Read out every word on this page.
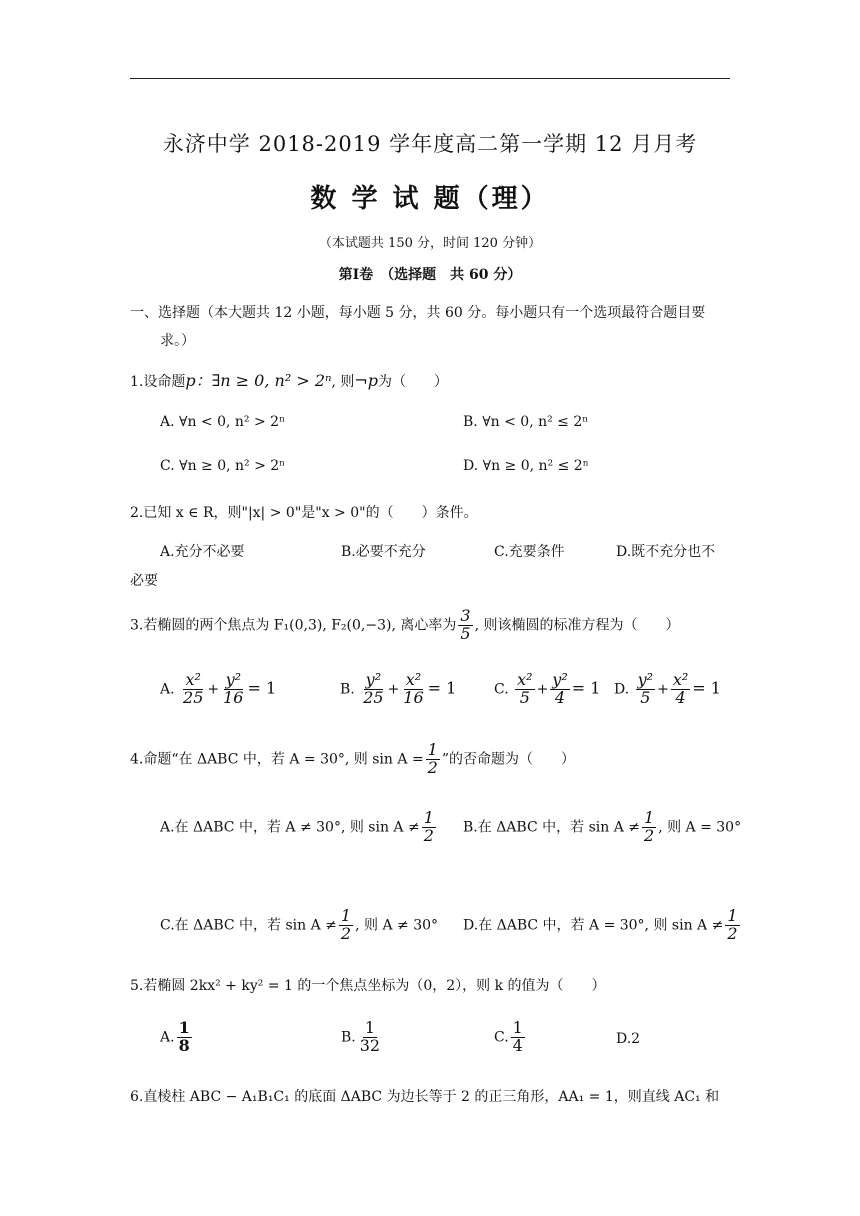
永济中学 2018-2019 学年度高二第一学期 12 月月考
数 学 试 题（理）
（本试题共 150 分，时间 120 分钟）
第Ⅰ卷　（选择题　共 60 分）
一、选择题（本大题共 12 小题，每小题 5 分，共 60 分。每小题只有一个选项最符合题目要
求。）
1.设命题p：∃n ≥ 0, n² > 2ⁿ, 则¬p为（　　）
A. ∀n < 0, n² > 2ⁿ	B. ∀n < 0, n² ≤ 2ⁿ
C. ∀n ≥ 0, n² > 2ⁿ	D. ∀n ≥ 0, n² ≤ 2ⁿ
2.已知 x ∈ R，则"|x| > 0"是"x > 0"的（　　）条件。
A.充分不必要	B.必要不充分	C.充要条件	D.既不充分也不
必要
3.若椭圆的两个焦点为 F₁(0,3), F₂(0,−3), 离心率为 $\frac{3}{5}$ , 则该椭圆的标准方程为（　　）
A. $\frac{\text{x²}}{25} + \frac{\text{y²}}{16} = 1$	B. $\frac{\text{y²}}{25} + \frac{\text{x²}}{16} = 1$	C. $\frac{\text{x²}}{5} + \frac{\text{y²}}{4} = 1$ D. $\frac{\text{y²}}{5} + \frac{\text{x²}}{4} = 1$
4.命题“在 ΔABC 中，若 A = 30°, 则 $\sin A = \frac{1}{2}$ ”的否命题为（　　）
A.在 ΔABC 中，若 A ≠ 30°, 则 $\sin A \ne \frac{1}{2} B$.在 ΔABC 中，若 $\sin A \ne \frac{1}{2}$ , 则 A = 30°
C.在 ΔABC 中，若 $\sin A \ne \frac{1}{2}$ , 则 A ≠ 30° D.在 ΔABC 中，若 A = 30°, 则 $\sin A \ne \frac{1}{2}$
5.若椭圆 2kx² + ky² = 1 的一个焦点坐标为（0，2），则 k 的值为（　　）
A. $\frac{1}{8}$	B. $\frac{1}{32}$	C. $\frac{1}{4}$	D.2
6.直棱柱 ABC − A₁B₁C₁ 的底面 ΔABC 为边长等于 2 的正三角形，AA₁ = 1，则直线 AC₁ 和
